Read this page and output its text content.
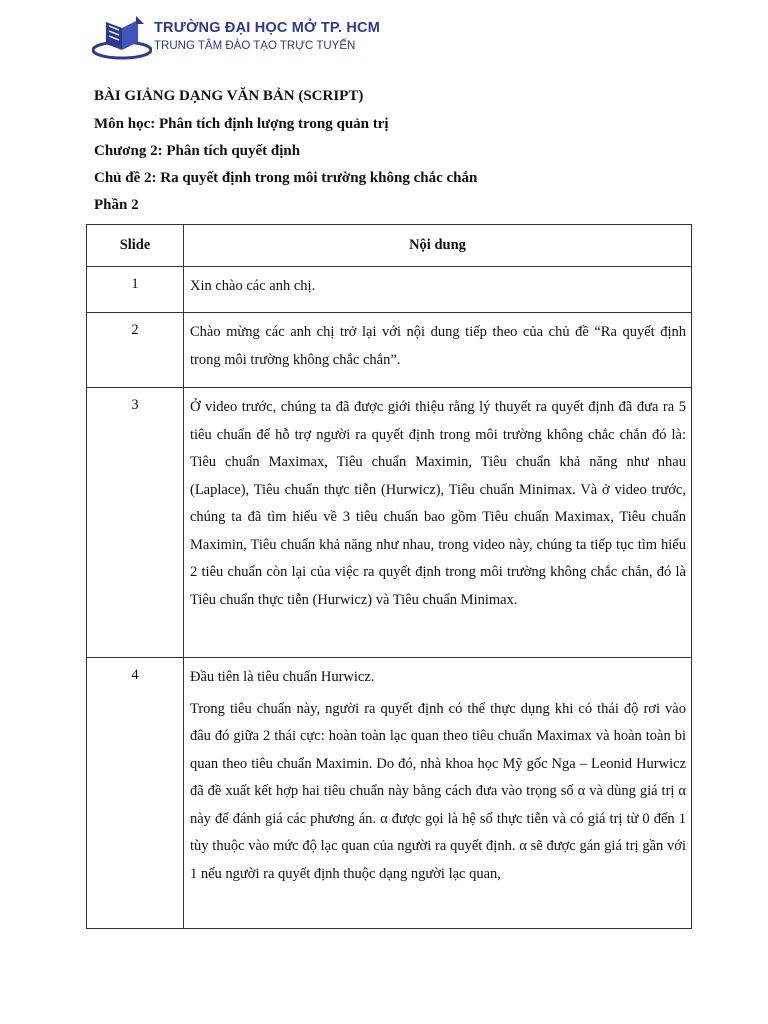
TRƯỜNG ĐẠI HỌC MỞ TP. HCM
TRUNG TÂM ĐÀO TẠO TRỰC TUYẾN
BÀI GIẢNG DẠNG VĂN BẢN (SCRIPT)
Môn học: Phân tích định lượng trong quản trị
Chương 2: Phân tích quyết định
Chủ đề 2: Ra quyết định trong môi trường không chắc chắn
Phần 2
Slide	Nội dung
1	Xin chào các anh chị.

2	Chào mừng các anh chị trở lại với nội dung tiếp theo của chủ đề “Ra quyết định trong môi trường không chắc chắn”.

3	Ở video trước, chúng ta đã được giới thiệu rằng lý thuyết ra quyết định đã đưa ra 5 tiêu chuẩn để hỗ trợ người ra quyết định trong môi trường không chắc chắn đó là: Tiêu chuẩn Maximax, Tiêu chuẩn Maximin, Tiêu chuẩn khả năng như nhau (Laplace), Tiêu chuẩn thực tiễn (Hurwicz), Tiêu chuẩn Minimax. Và ở video trước, chúng ta đã tìm hiểu về 3 tiêu chuẩn bao gồm Tiêu chuẩn Maximax, Tiêu chuẩn Maximin, Tiêu chuẩn khả năng như nhau, trong video này, chúng ta tiếp tục tìm hiểu 2 tiêu chuẩn còn lại của việc ra quyết định trong môi trường không chắc chắn, đó là Tiêu chuẩn thực tiễn (Hurwicz) và Tiêu chuẩn Minimax.

4	Đầu tiên là tiêu chuẩn Hurwicz.

Trong tiêu chuẩn này, người ra quyết định có thể thực dụng khi có thái độ rơi vào đâu đó giữa 2 thái cực: hoàn toàn lạc quan theo tiêu chuẩn Maximax và hoàn toàn bi quan theo tiêu chuẩn Maximin. Do đó, nhà khoa học Mỹ gốc Nga – Leonid Hurwicz đã đề xuất kết hợp hai tiêu chuẩn này bằng cách đưa vào trọng số α và dùng giá trị α này để đánh giá các phương án. α được gọi là hệ số thực tiễn và có giá trị từ 0 đến 1 tùy thuộc vào mức độ lạc quan của người ra quyết định. α sẽ được gán giá trị gần với 1 nếu người ra quyết định thuộc dạng người lạc quan,
